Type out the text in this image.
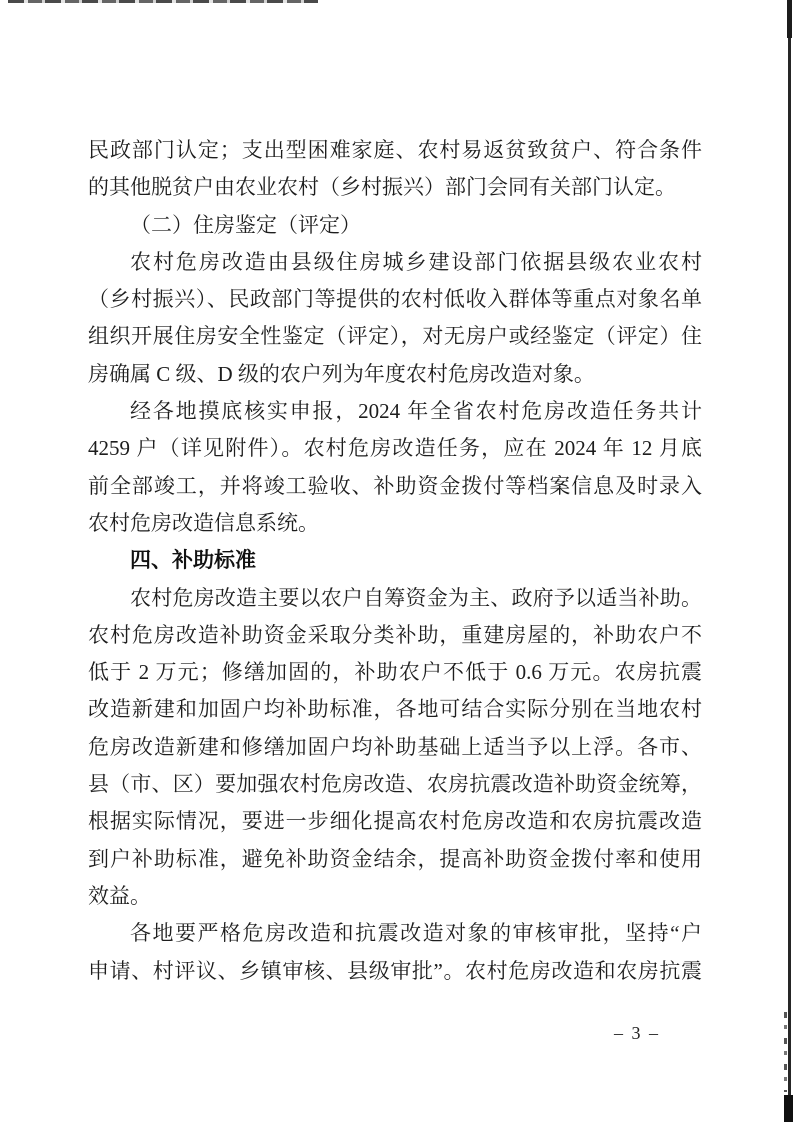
民政部门认定；支出型困难家庭、农村易返贫致贫户、符合条件
的其他脱贫户由农业农村（乡村振兴）部门会同有关部门认定。
（二）住房鉴定（评定）
农村危房改造由县级住房城乡建设部门依据县级农业农村
（乡村振兴）、民政部门等提供的农村低收入群体等重点对象名单
组织开展住房安全性鉴定（评定），对无房户或经鉴定（评定）住
房确属 C 级、D 级的农户列为年度农村危房改造对象。
经各地摸底核实申报，2024 年全省农村危房改造任务共计
4259 户（详见附件）。农村危房改造任务，应在 2024 年 12 月底
前全部竣工，并将竣工验收、补助资金拨付等档案信息及时录入
农村危房改造信息系统。
四、补助标准
农村危房改造主要以农户自筹资金为主、政府予以适当补助。
农村危房改造补助资金采取分类补助，重建房屋的，补助农户不
低于 2 万元；修缮加固的，补助农户不低于 0.6 万元。农房抗震
改造新建和加固户均补助标准，各地可结合实际分别在当地农村
危房改造新建和修缮加固户均补助基础上适当予以上浮。各市、
县（市、区）要加强农村危房改造、农房抗震改造补助资金统筹，
根据实际情况，要进一步细化提高农村危房改造和农房抗震改造
到户补助标准，避免补助资金结余，提高补助资金拨付率和使用
效益。
各地要严格危房改造和抗震改造对象的审核审批，坚持“户
申请、村评议、乡镇审核、县级审批”。农村危房改造和农房抗震
– 3 –
